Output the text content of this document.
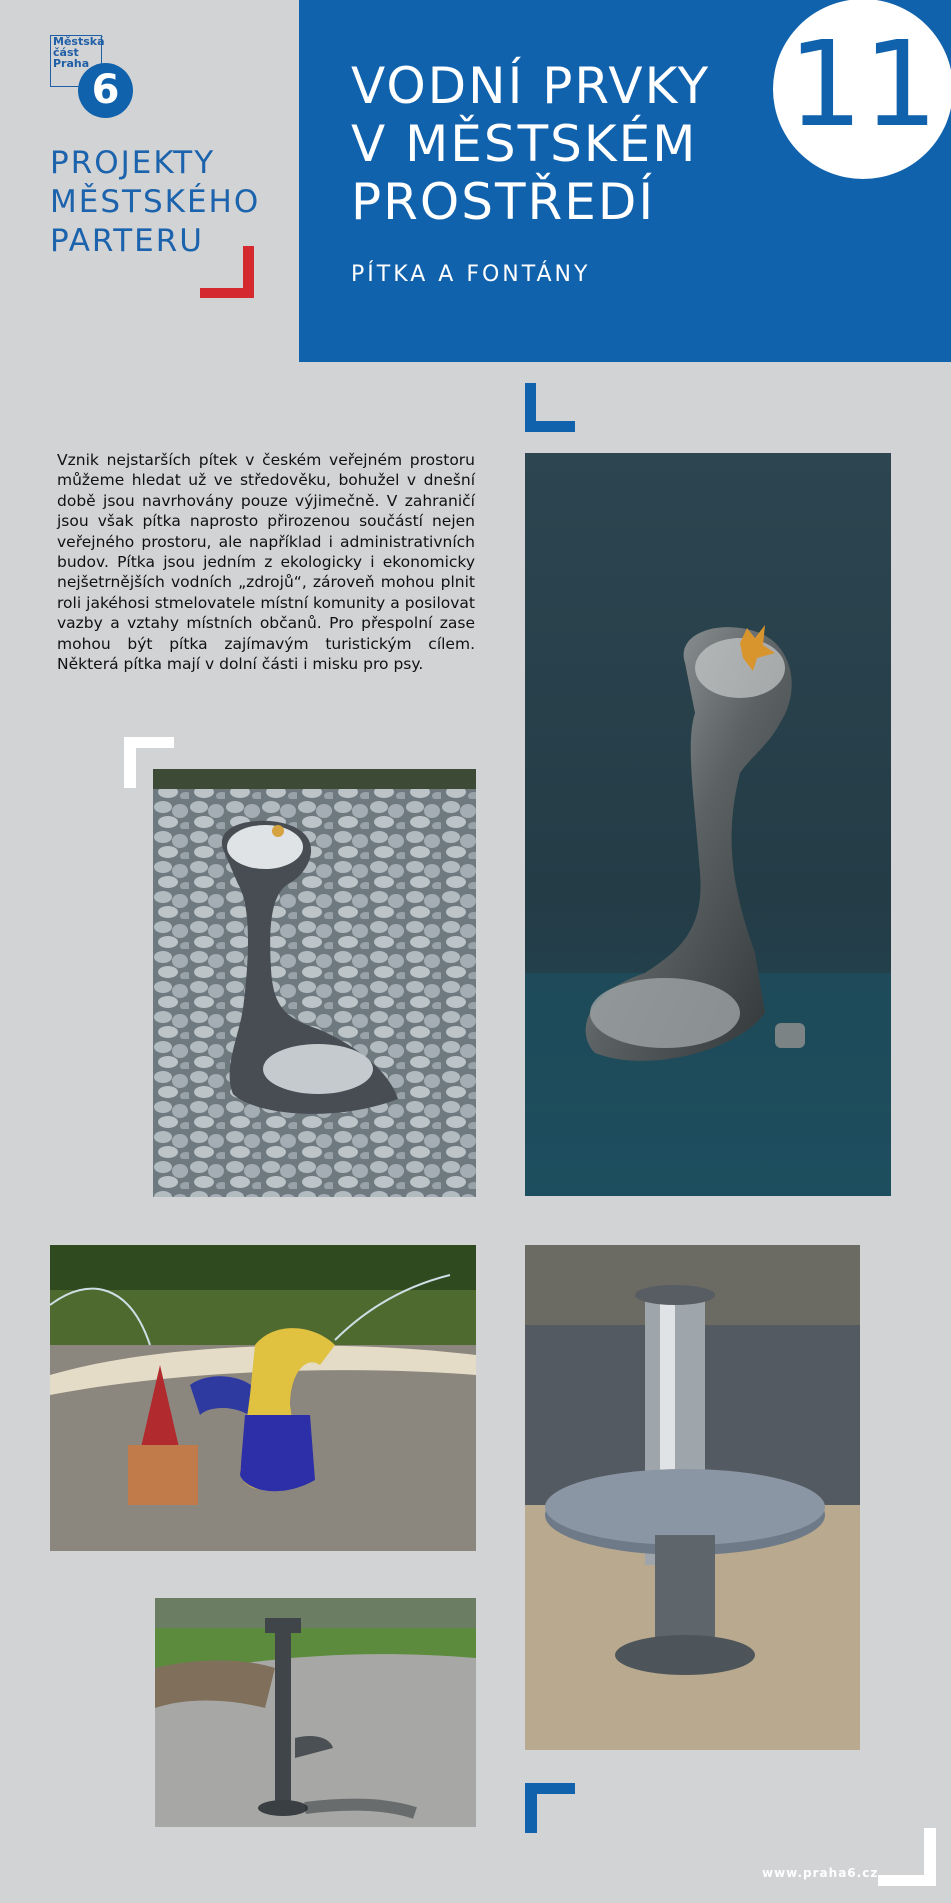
Městská
část
Praha
6
PROJEKTY
MĚSTSKÉHO
PARTERU
VODNÍ PRVKY
V MĚSTSKÉM
PROSTŘEDÍ
PÍTKA A FONTÁNY
11
Vznik nejstarších pítek v českém veřejném prostoru můžeme hledat už ve středověku, bohužel v dnešní době jsou navrhovány pouze výjimečně. V zahraničí jsou však pítka naprosto přirozenou součástí nejen veřejného prostoru, ale například i administrativních budov. Pítka jsou jedním z ekologicky i ekonomicky nejšetrnějších vodních „zdrojů“, zároveň mohou plnit roli jakéhosi stmelovatele místní komunity a posilovat vazby a vztahy místních občanů. Pro přespolní zase mohou být pítka zajímavým turistickým cílem. Některá pítka mají v dolní části i misku pro psy.
www.praha6.cz
